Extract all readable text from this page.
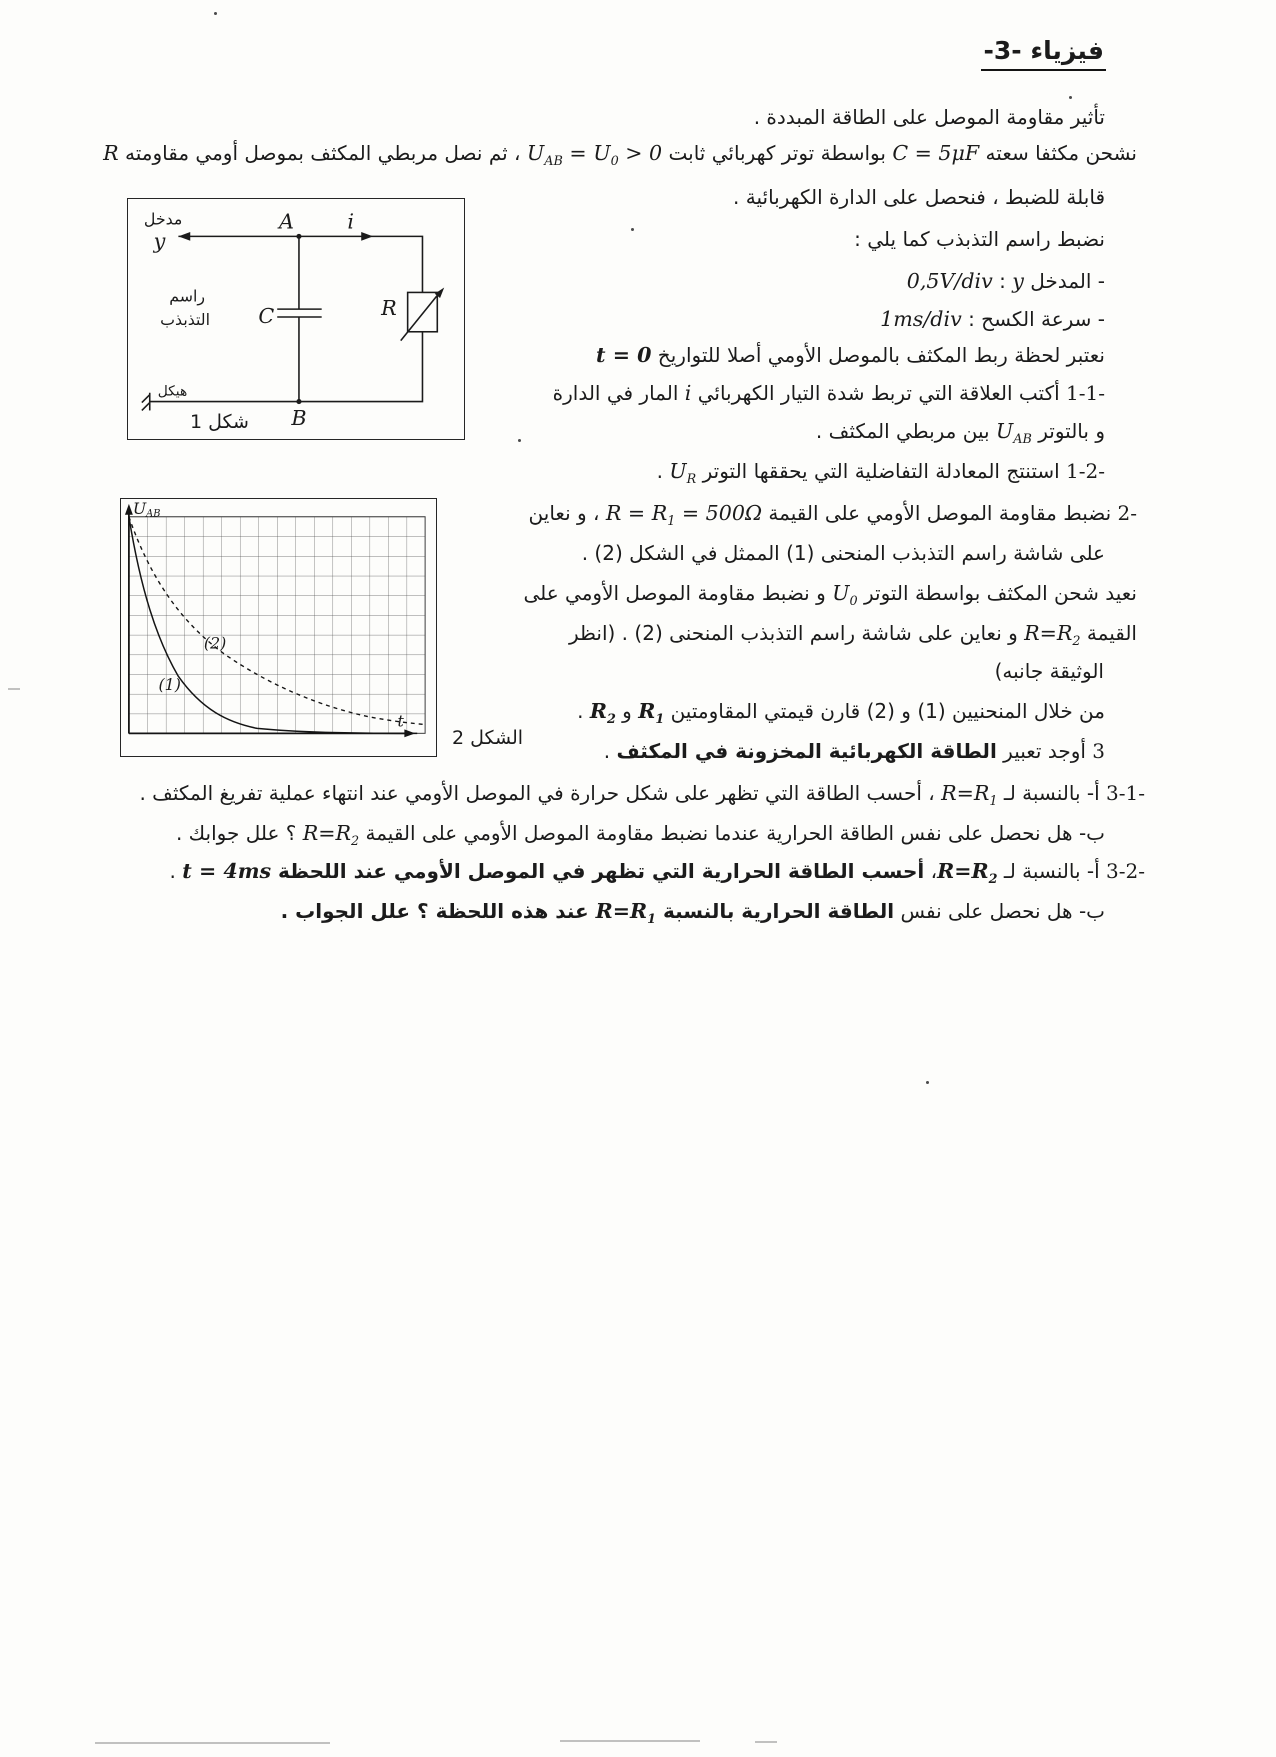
فيزياء -3-
تأثير مقاومة الموصل على الطاقة المبددة .
نشحن مكثفا سعته C = 5μF بواسطة توتر كهربائي ثابت $U_{AB} = U_0 > 0$ ، ثم نصل مربطي المكثف بموصل أومي مقاومته R
قابلة للضبط ، فنحصل على الدارة الكهربائية .
نضبط راسم التذبذب كما يلي :
- المدخل y : 0,5V/div
- سرعة الكسح : 1ms/div
نعتبر لحظة ربط المكثف بالموصل الأومي أصلا للتواريخ t = 0
1-1- أكتب العلاقة التي تربط شدة التيار الكهربائي i المار في الدارة
و بالتوتر $U_{AB}$ بين مربطي المكثف .
1-2- استنتج المعادلة التفاضلية التي يحققها التوتر $U_R$ .
2- نضبط مقاومة الموصل الأومي على القيمة $R = R_1 = 500\Omega$ ، و نعاين
على شاشة راسم التذبذب المنحنى (1) الممثل في الشكل (2) .
نعيد شحن المكثف بواسطة التوتر $U_0$ و نضبط مقاومة الموصل الأومي على
القيمة $R=R_2$ و نعاين على شاشة راسم التذبذب المنحنى (2) . (انظر
الوثيقة جانبه)
من خلال المنحنيين (1) و (2) قارن قيمتي المقاومتين $R_1$ و $R_2$ .
3 أوجد تعبير الطاقة الكهربائية المخزونة في المكثف .
3-1- أ- بالنسبة لـ $R=R_1$ ، أحسب الطاقة التي تظهر على شكل حرارة في الموصل الأومي عند انتهاء عملية تفريغ المكثف .
ب- هل نحصل على نفس الطاقة الحرارية عندما نضبط مقاومة الموصل الأومي على القيمة $R=R_2$ ؟ علل جوابك .
3-2- أ- بالنسبة لـ $R=R_2،$ أحسب الطاقة الحرارية التي تظهر في الموصل الأومي عند اللحظة t = 4ms .
ب- هل نحصل على نفس الطاقة الحرارية بالنسبة $R=R_1$ عند هذه اللحظة ؟ علل الجواب .
مدخل
y
A	i
راسم
التذبذب C	R
B
هيكل
شكل 1
UAB
t
(1)
(2)
الشكل 2
